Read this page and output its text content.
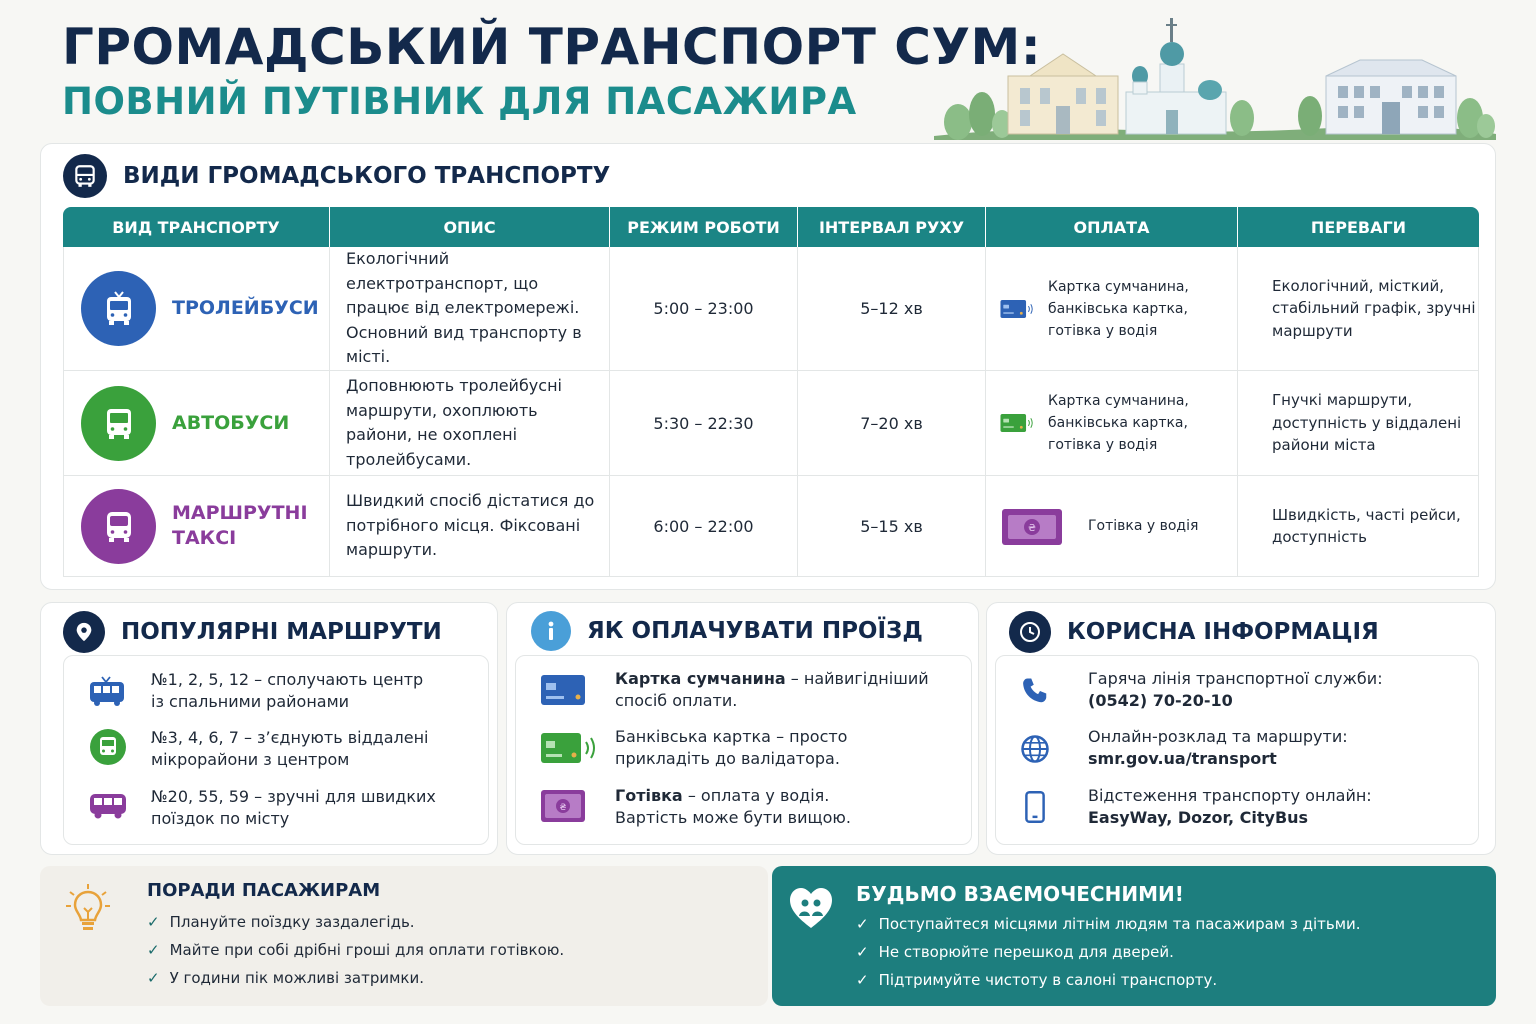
ГРОМАДСЬКИЙ ТРАНСПОРТ СУМ:
ПОВНИЙ ПУТІВНИК ДЛЯ ПАСАЖИРА
ВИДИ ГРОМАДСЬКОГО ТРАНСПОРТУ
ВИД ТРАНСПОРТУ	ОПИС	РЕЖИМ РОБОТИ	ІНТЕРВАЛ РУХУ	ОПЛАТА	ПЕРЕВАГИ

ТРОЛЕЙБУСИ	Екологічний електротранспорт, що працює від електромережі. Основний вид транспорту в місті.	5:00 – 23:00	5–12 хв	Картка сумчанина, банківська картка, готівка у водія	Екологічний, місткий, стабільний графік, зручні маршрути

АВТОБУСИ	Доповнюють тролейбусні маршрути, охоплюють райони, не охоплені тролейбусами.	5:30 – 22:30	7–20 хв	Картка сумчанина, банківська картка, готівка у водія	Гнучкі маршрути, доступність у віддалені райони міста

МАРШРУТНІ ТАКСІ	Швидкий спосіб дістатися до потрібного місця. Фіксовані маршрути.	6:00 – 22:00	5–15 хв	₴ Готівка у водія	Швидкість, часті рейси, доступність
ПОПУЛЯРНІ МАРШРУТИ
№1, 2, 5, 12 – сполучають центр
із спальними районами
№3, 4, 6, 7 – з’єднують віддалені
мікрорайони з центром
№20, 55, 59 – зручні для швидких
поїздок по місту
ЯК ОПЛАЧУВАТИ ПРОЇЗД
Картка сумчанина – найвигідніший
спосіб оплати.
Банківська картка – просто
прикладіть до валідатора.
₴
Готівка – оплата у водія.
Вартість може бути вищою.
КОРИСНА ІНФОРМАЦІЯ
Гаряча лінія транспортної служби:
(0542) 70-20-10
Онлайн-розклад та маршрути:
smr.gov.ua/transport
Відстеження транспорту онлайн:
EasyWay, Dozor, CityBus
ПОРАДИ ПАСАЖИРАМ
✓ Плануйте поїздку заздалегідь.
✓ Майте при собі дрібні гроші для оплати готівкою.
✓ У години пік можливі затримки.
БУДЬМО ВЗАЄМОЧЕСНИМИ!
✓ Поступайтеся місцями літнім людям та пасажирам з дітьми.
✓ Не створюйте перешкод для дверей.
✓ Підтримуйте чистоту в салоні транспорту.
